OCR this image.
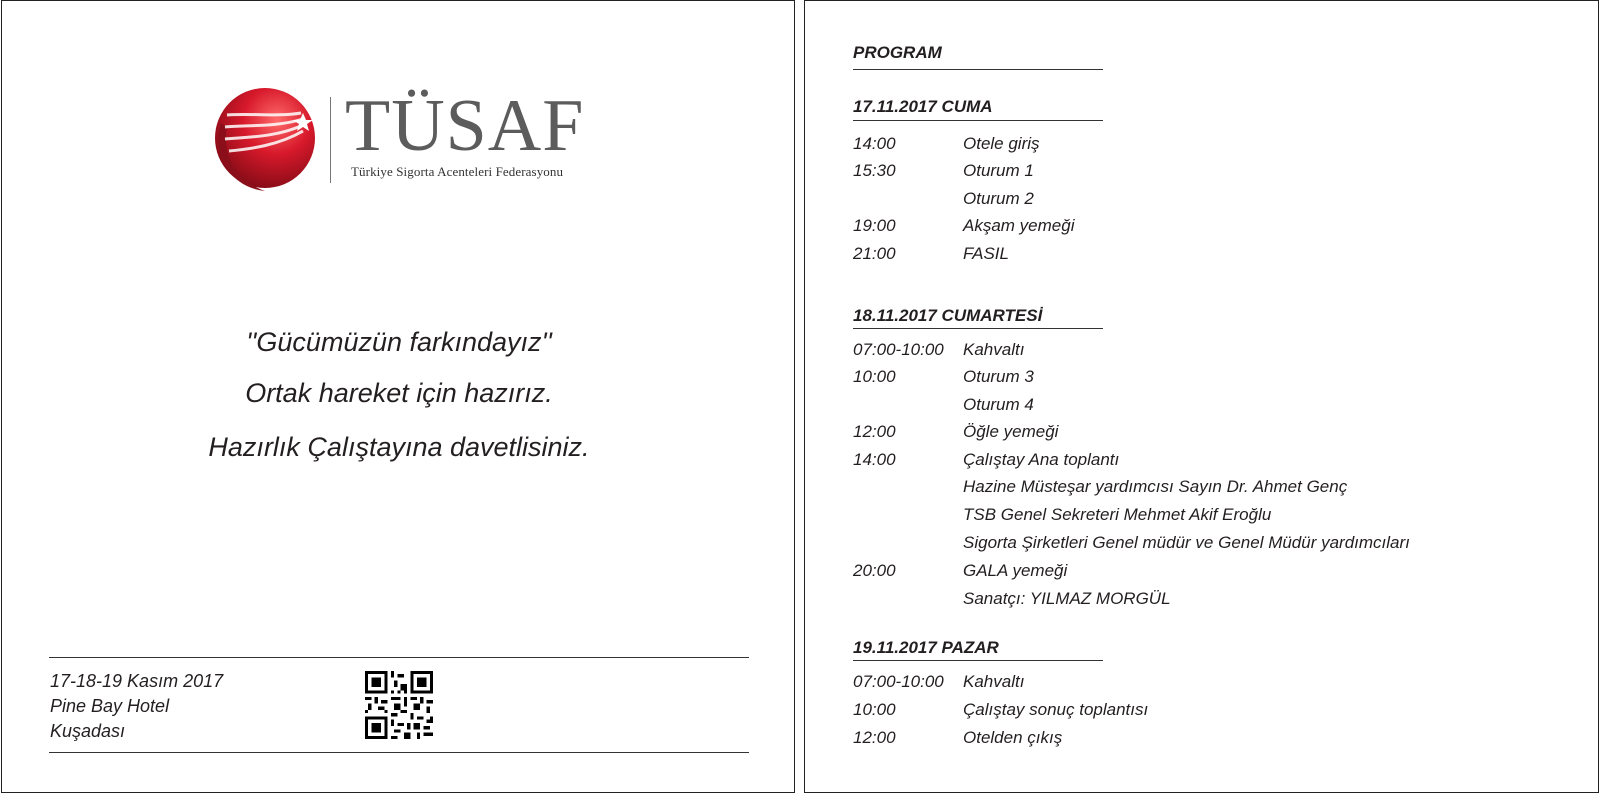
TÜSAF
Türkiye Sigorta Acenteleri Federasyonu
''Gücümüzün farkındayız''
Ortak hareket için hazırız.
Hazırlık Çalıştayına davetlisiniz.
17-18-19 Kasım 2017
Pine Bay Hotel
Kuşadası
PROGRAM
17.11.2017 CUMA
14:00	Otele giriş
15:30	Oturum 1
Oturum 2
19:00	Akşam yemeği
21:00	FASIL
18.11.2017 CUMARTESİ
07:00-10:00 Kahvaltı
10:00	Oturum 3
Oturum 4
12:00	Öğle yemeği
14:00	Çalıştay Ana toplantı
Hazine Müsteşar yardımcısı Sayın Dr. Ahmet Genç
TSB Genel Sekreteri Mehmet Akif Eroğlu
Sigorta Şirketleri Genel müdür ve Genel Müdür yardımcıları
20:00	GALA yemeği
Sanatçı: YILMAZ MORGÜL
19.11.2017 PAZAR
07:00-10:00 Kahvaltı
10:00	Çalıştay sonuç toplantısı
12:00	Otelden çıkış
